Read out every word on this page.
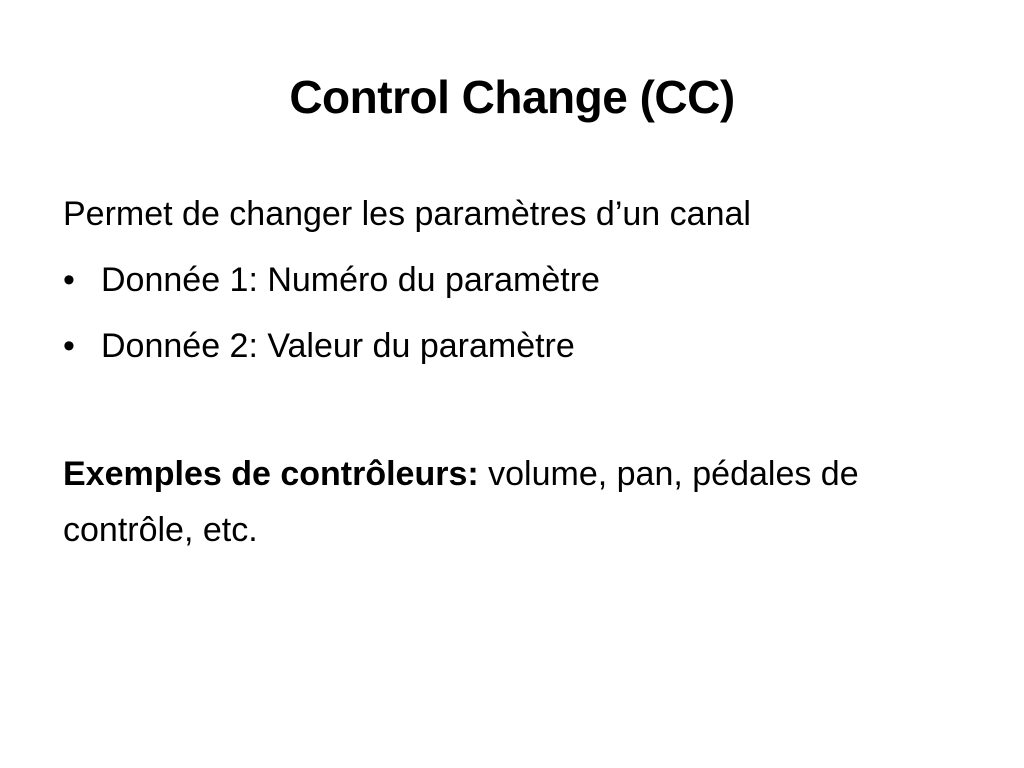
Control Change (CC)

Permet de changer les paramètres d’un canal

• Donnée 1: Numéro du paramètre
• Donnée 2: Valeur du paramètre

Exemples de contrôleurs: volume, pan, pédales de contrôle, etc.
